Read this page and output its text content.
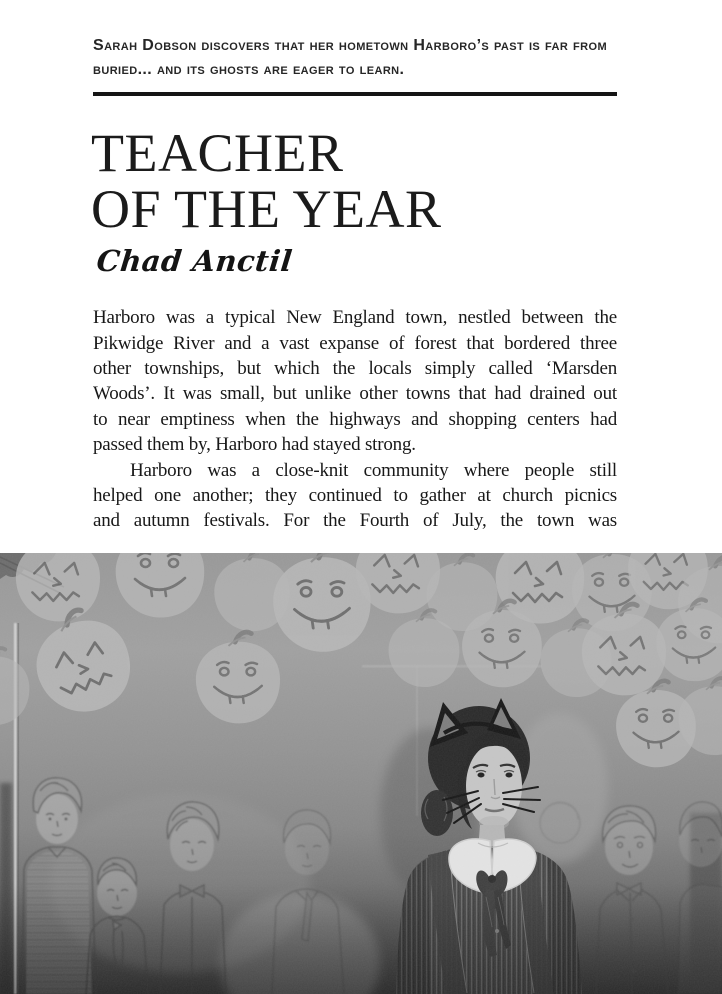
Sarah Dobson discovers that her hometown Harboro’s past is far from buried... and its ghosts are eager to learn.

TEACHER
OF THE YEAR
Chad Anctil
Harboro was a typical New England town, nestled between the
Pikwidge River and a vast expanse of forest that bordered three
other townships, but which the locals simply called ‘Marsden
Woods’. It was small, but unlike other towns that had drained out
to near emptiness when the highways and shopping centers had
passed them by, Harboro had stayed strong.
Harboro was a close-knit community where people still
helped one another; they continued to gather at church picnics
and autumn festivals. For the Fourth of July, the town was
